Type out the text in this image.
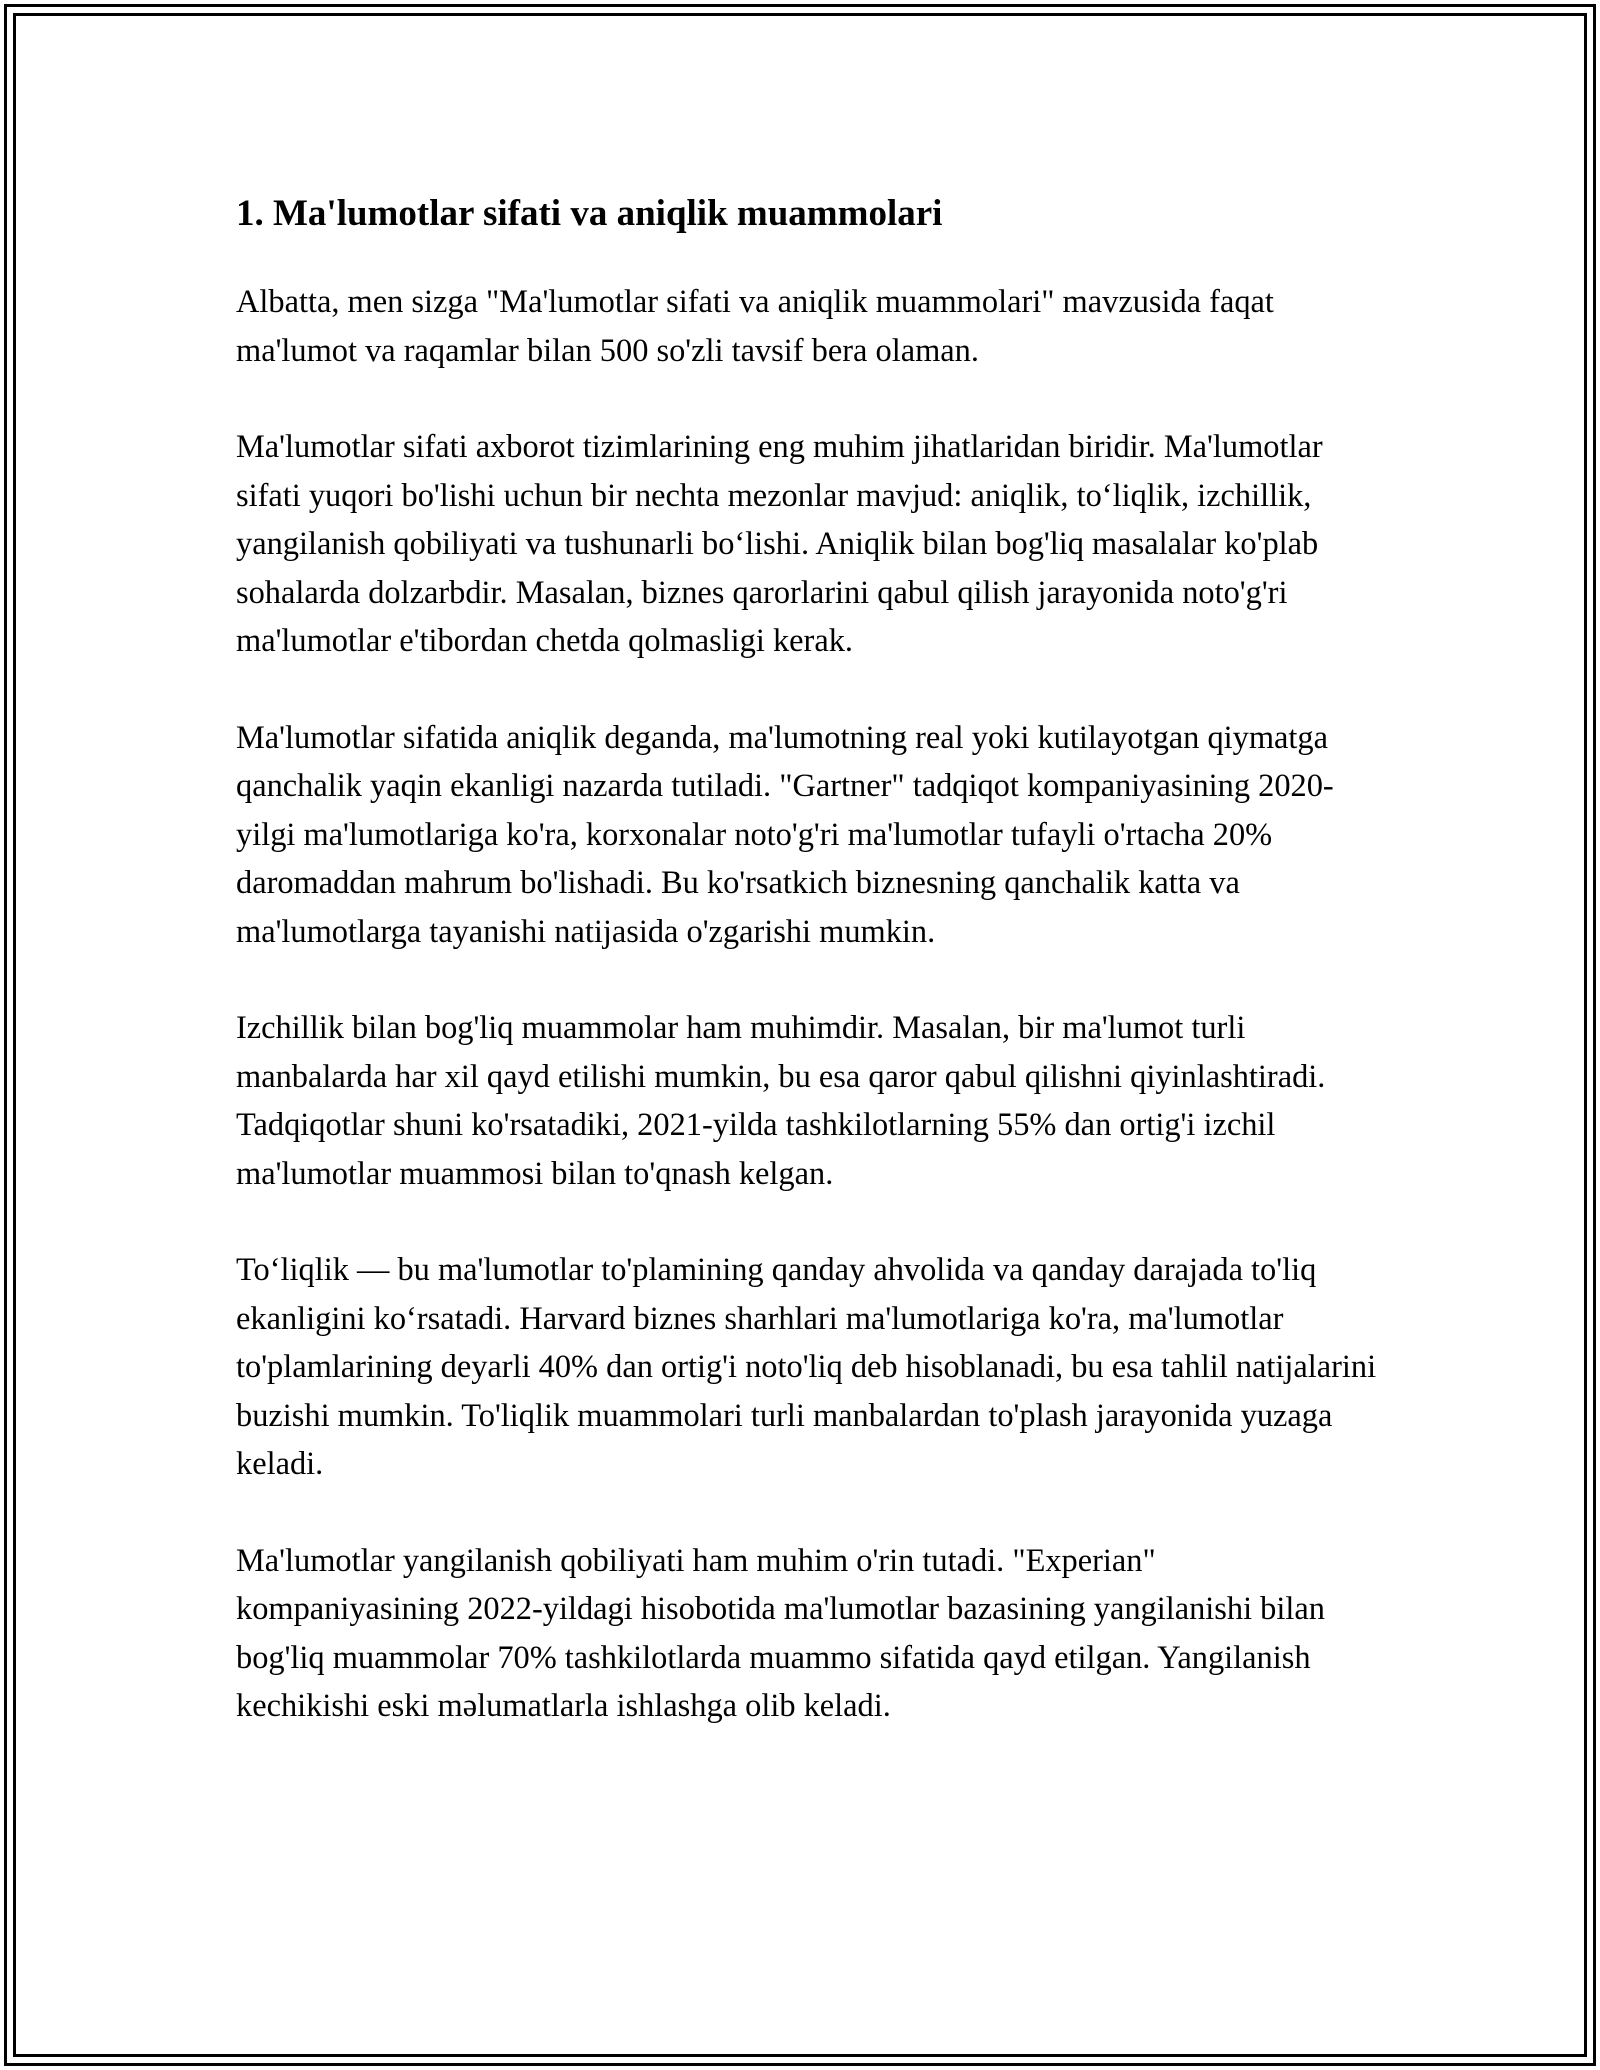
1. Ma'lumotlar sifati va aniqlik muammolari

Albatta, men sizga "Ma'lumotlar sifati va aniqlik muammolari" mavzusida faqat ma'lumot va raqamlar bilan 500 so'zli tavsif bera olaman.

Ma'lumotlar sifati axborot tizimlarining eng muhim jihatlaridan biridir. Ma'lumotlar sifati yuqori bo'lishi uchun bir nechta mezonlar mavjud: aniqlik, to‘liqlik, izchillik, yangilanish qobiliyati va tushunarli bo‘lishi. Aniqlik bilan bog'liq masalalar ko'plab sohalarda dolzarbdir. Masalan, biznes qarorlarini qabul qilish jarayonida noto'g'ri ma'lumotlar e'tibordan chetda qolmasligi kerak.

Ma'lumotlar sifatida aniqlik deganda, ma'lumotning real yoki kutilayotgan qiymatga qanchalik yaqin ekanligi nazarda tutiladi. "Gartner" tadqiqot kompaniyasining 2020-yilgi ma'lumotlariga ko'ra, korxonalar noto'g'ri ma'lumotlar tufayli o'rtacha 20% daromaddan mahrum bo'lishadi. Bu ko'rsatkich biznesning qanchalik katta va ma'lumotlarga tayanishi natijasida o'zgarishi mumkin.

Izchillik bilan bog'liq muammolar ham muhimdir. Masalan, bir ma'lumot turli manbalarda har xil qayd etilishi mumkin, bu esa qaror qabul qilishni qiyinlashtiradi. Tadqiqotlar shuni ko'rsatadiki, 2021-yilda tashkilotlarning 55% dan ortig'i izchil ma'lumotlar muammosi bilan to'qnash kelgan.

To‘liqlik — bu ma'lumotlar to'plamining qanday ahvolida va qanday darajada to'liq ekanligini ko‘rsatadi. Harvard biznes sharhlari ma'lumotlariga ko'ra, ma'lumotlar to'plamlarining deyarli 40% dan ortig'i noto'liq deb hisoblanadi, bu esa tahlil natijalarini buzishi mumkin. To'liqlik muammolari turli manbalardan to'plash jarayonida yuzaga keladi.

Ma'lumotlar yangilanish qobiliyati ham muhim o'rin tutadi. "Experian" kompaniyasining 2022-yildagi hisobotida ma'lumotlar bazasining yangilanishi bilan bog'liq muammolar 70% tashkilotlarda muammo sifatida qayd etilgan. Yangilanish kechikishi eski məlumatlarla ishlashga olib keladi.
